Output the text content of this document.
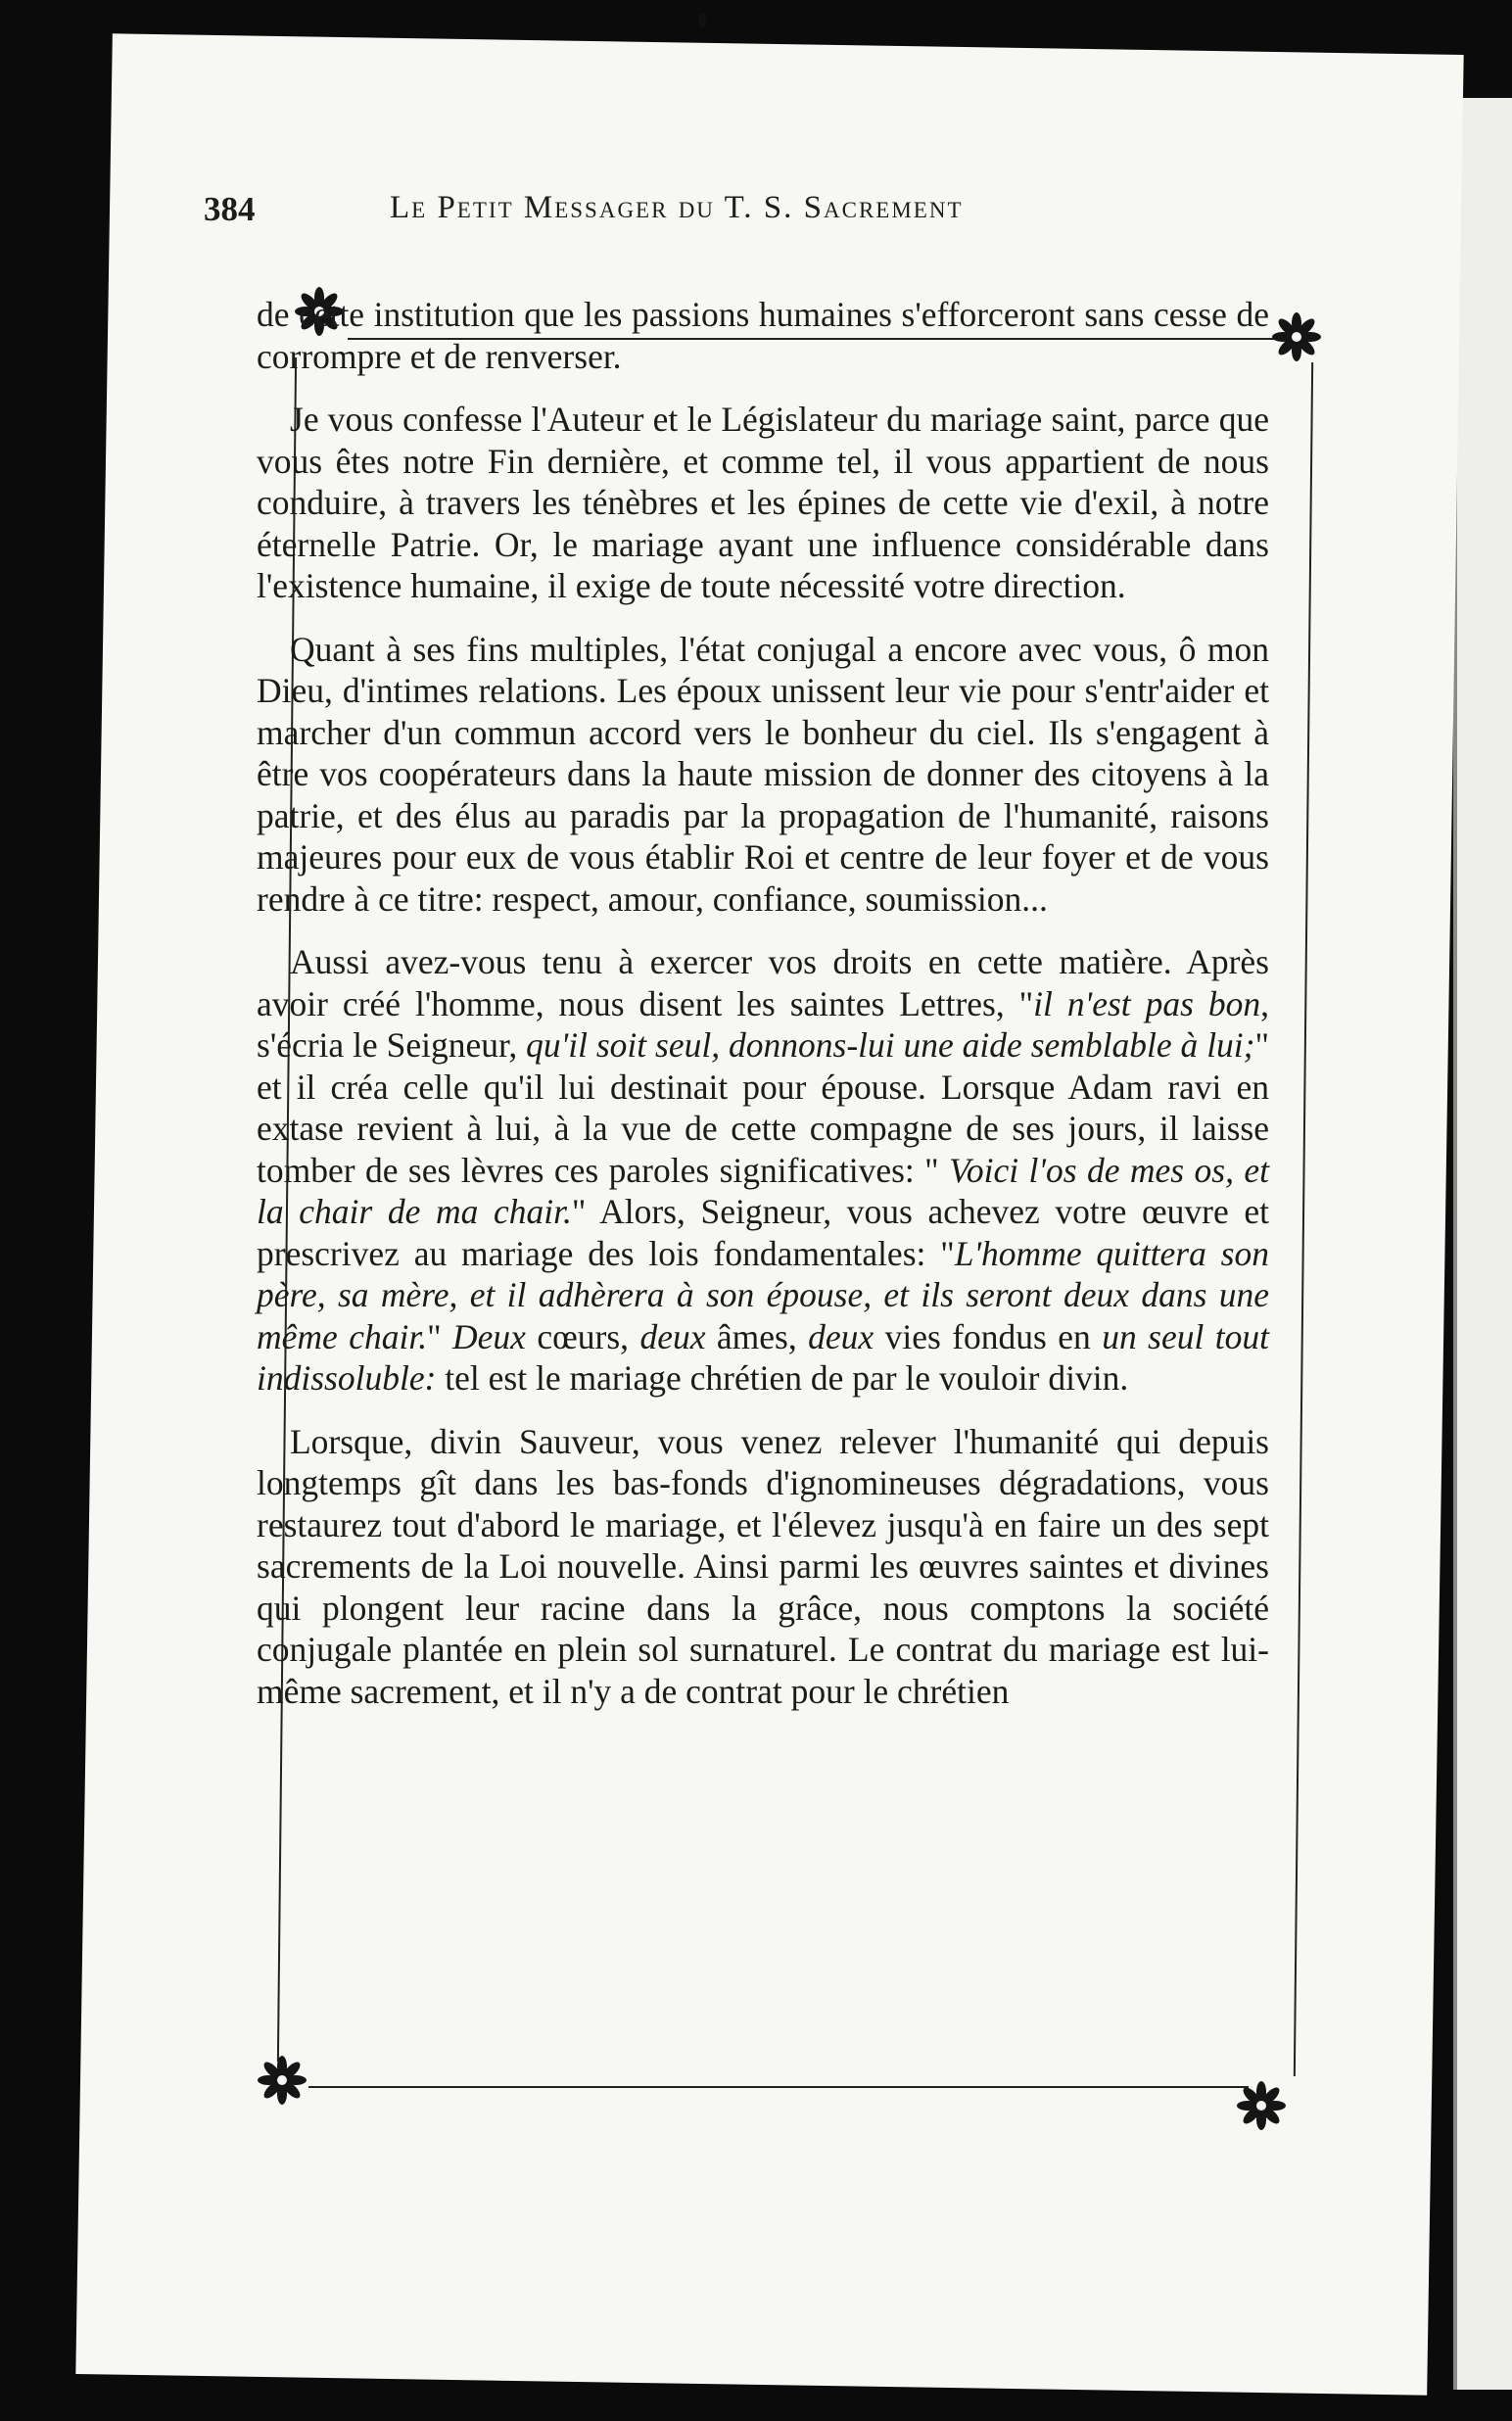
384	Le Petit Messager du T. S. Sacrement

de cette institution que les passions humaines s'efforceront sans cesse de corrompre et de renverser.

Je vous confesse l'Auteur et le Législateur du mariage saint, parce que vous êtes notre Fin dernière, et comme tel, il vous appartient de nous conduire, à travers les ténèbres et les épines de cette vie d'exil, à notre éternelle Patrie. Or, le mariage ayant une influence considérable dans l'existence humaine, il exige de toute nécessité votre direction.

Quant à ses fins multiples, l'état conjugal a encore avec vous, ô mon Dieu, d'intimes relations. Les époux unissent leur vie pour s'entr'aider et marcher d'un commun accord vers le bonheur du ciel. Ils s'engagent à être vos coopérateurs dans la haute mission de donner des citoyens à la patrie, et des élus au paradis par la propagation de l'humanité, raisons majeures pour eux de vous établir Roi et centre de leur foyer et de vous rendre à ce titre: respect, amour, confiance, soumission...

Aussi avez-vous tenu à exercer vos droits en cette matière. Après avoir créé l'homme, nous disent les saintes Lettres, "il n'est pas bon, s'écria le Seigneur, qu'il soit seul, donnons-lui une aide semblable à lui;" et il créa celle qu'il lui destinait pour épouse. Lorsque Adam ravi en extase revient à lui, à la vue de cette compagne de ses jours, il laisse tomber de ses lèvres ces paroles significatives: " Voici l'os de mes os, et la chair de ma chair." Alors, Seigneur, vous achevez votre œuvre et prescrivez au mariage des lois fondamentales: "L'homme quittera son père, sa mère, et il adhèrera à son épouse, et ils seront deux dans une même chair." Deux cœurs, deux âmes, deux vies fondus en un seul tout indissoluble: tel est le mariage chrétien de par le vouloir divin.

Lorsque, divin Sauveur, vous venez relever l'humanité qui depuis longtemps gît dans les bas-fonds d'ignomineuses dégradations, vous restaurez tout d'abord le mariage, et l'élevez jusqu'à en faire un des sept sacrements de la Loi nouvelle. Ainsi parmi les œuvres saintes et divines qui plongent leur racine dans la grâce, nous comptons la société conjugale plantée en plein sol surnaturel. Le contrat du mariage est lui-même sacrement, et il n'y a de contrat pour le chrétien
